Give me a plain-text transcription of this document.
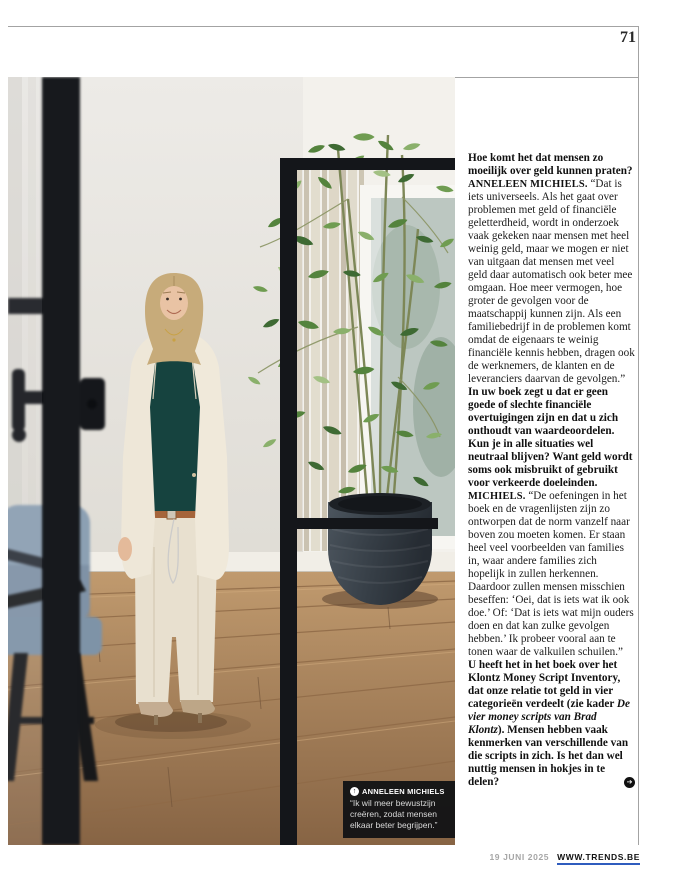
71
↑ ANNELEEN MICHIELS
“Ik wil meer bewustzijn creëren, zodat mensen elkaar beter begrijpen.”

Hoe komt het dat mensen zo moeilijk over geld kunnen praten?

ANNELEEN MICHIELS. “Dat is iets universeels. Als het gaat over problemen met geld of financiële geletterdheid, wordt in onderzoek vaak gekeken naar mensen met heel weinig geld, maar we mogen er niet van uitgaan dat mensen met veel geld daar automatisch ook beter mee omgaan. Hoe meer vermogen, hoe groter de gevolgen voor de maatschappij kunnen zijn. Als een familiebedrijf in de problemen komt omdat de eigenaars te weinig financiële kennis hebben, dragen ook de werknemers, de klanten en de leveranciers daarvan de gevolgen.”

In uw boek zegt u dat er geen goede of slechte financiële overtuigingen zijn en dat u zich onthoudt van waardeoordelen. Kun je in alle situaties wel neutraal blijven? Want geld wordt soms ook misbruikt of gebruikt voor verkeerde doeleinden.

MICHIELS. “De oefeningen in het boek en de vragenlijsten zijn zo ontworpen dat de norm vanzelf naar boven zou moeten komen. Er staan heel veel voorbeelden van families in, waar andere families zich hopelijk in zullen herkennen. Daardoor zullen mensen misschien beseffen: ‘Oei, dat is iets wat ik ook doe.’ Of: ‘Dat is iets wat mijn ouders doen en dat kan zulke gevolgen hebben.’ Ik probeer vooral aan te tonen waar de valkuilen schuilen.”

U heeft het in het boek over het Klontz Money Script Inventory, dat onze relatie tot geld in vier categorieën verdeelt (zie kader De vier money scripts van Brad Klontz). Mensen hebben vaak kenmerken van verschillende van die scripts in zich. Is het dan wel nuttig mensen in hokjes in te delen?	➔

19 JUNI 2025 WWW.TRENDS.BE
